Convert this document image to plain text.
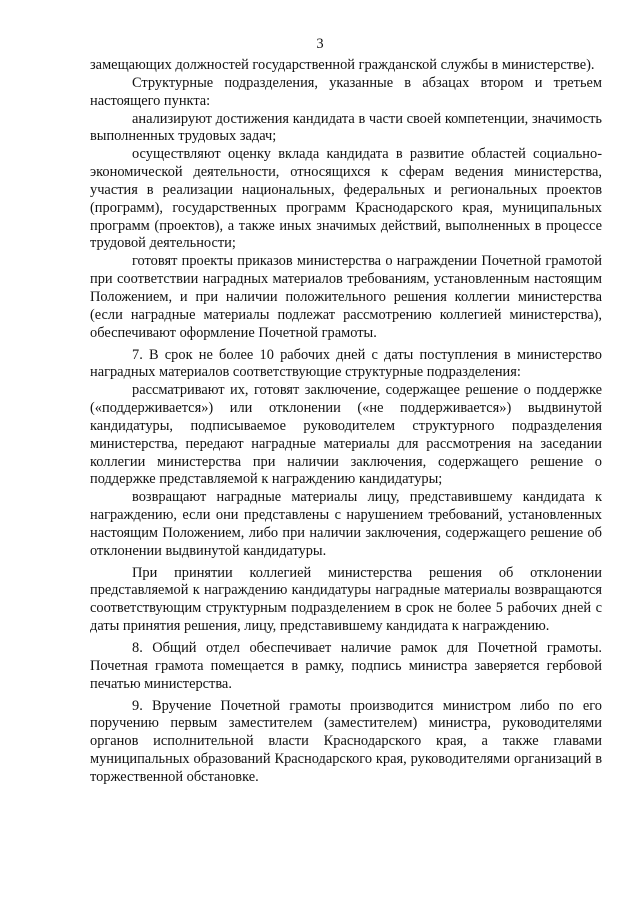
3

замещающих должностей государственной гражданской службы в министерстве).

Структурные подразделения, указанные в абзацах втором и третьем настоящего пункта:

анализируют достижения кандидата в части своей компетенции, значимость выполненных трудовых задач;

осуществляют оценку вклада кандидата в развитие областей социально-экономической деятельности, относящихся к сферам ведения министерства, участия в реализации национальных, федеральных и региональных проектов (программ), государственных программ Краснодарского края, муниципальных программ (проектов), а также иных значимых действий, выполненных в процессе трудовой деятельности;

готовят проекты приказов министерства о награждении Почетной грамотой при соответствии наградных материалов требованиям, установленным настоящим Положением, и при наличии положительного решения коллегии министерства (если наградные материалы подлежат рассмотрению коллегией министерства), обеспечивают оформление Почетной грамоты.

7. В срок не более 10 рабочих дней с даты поступления в министерство наградных материалов соответствующие структурные подразделения:

рассматривают их, готовят заключение, содержащее решение о поддержке («поддерживается») или отклонении («не поддерживается») выдвинутой кандидатуры, подписываемое руководителем структурного подразделения министерства, передают наградные материалы для рассмотрения на заседании коллегии министерства при наличии заключения, содержащего решение о поддержке представляемой к награждению кандидатуры;

возвращают наградные материалы лицу, представившему кандидата к награждению, если они представлены с нарушением требований, установленных настоящим Положением, либо при наличии заключения, содержащего решение об отклонении выдвинутой кандидатуры.

При принятии коллегией министерства решения об отклонении представляемой к награждению кандидатуры наградные материалы возвращаются соответствующим структурным подразделением в срок не более 5 рабочих дней с даты принятия решения, лицу, представившему кандидата к награждению.

8. Общий отдел обеспечивает наличие рамок для Почетной грамоты. Почетная грамота помещается в рамку, подпись министра заверяется гербовой печатью министерства.

9. Вручение Почетной грамоты производится министром либо по его поручению первым заместителем (заместителем) министра, руководителями органов исполнительной власти Краснодарского края, а также главами муниципальных образований Краснодарского края, руководителями организаций в торжественной обстановке.
